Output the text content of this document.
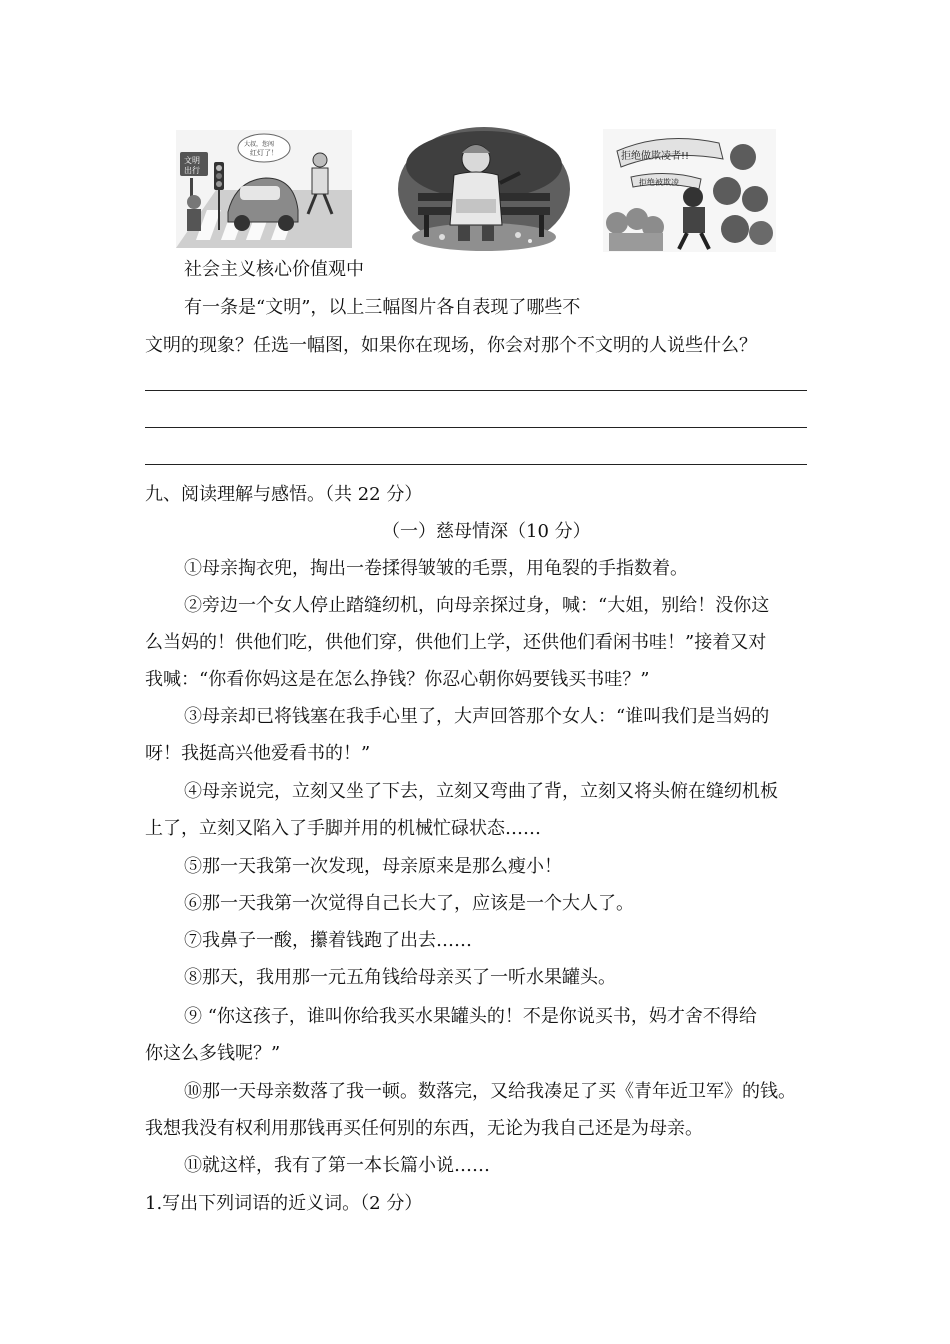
文明
出行
大叔，您闯
红灯了！	拒绝做欺凌者!!
拒绝被欺凌
社会主义核心价值观中
有一条是“文明”，以上三幅图片各自表现了哪些不
文明的现象？任选一幅图，如果你在现场，你会对那个不文明的人说些什么？
九、阅读理解与感悟。（共 22 分）
（一）慈母情深（10 分）
①母亲掏衣兜，掏出一卷揉得皱皱的毛票，用龟裂的手指数着。
②旁边一个女人停止踏缝纫机，向母亲探过身，喊：“大姐，别给！没你这
么当妈的！供他们吃，供他们穿，供他们上学，还供他们看闲书哇！”接着又对
我喊：“你看你妈这是在怎么挣钱？你忍心朝你妈要钱买书哇？”
③母亲却已将钱塞在我手心里了，大声回答那个女人：“谁叫我们是当妈的
呀！我挺高兴他爱看书的！”
④母亲说完，立刻又坐了下去，立刻又弯曲了背，立刻又将头俯在缝纫机板
上了，立刻又陷入了手脚并用的机械忙碌状态……
⑤那一天我第一次发现，母亲原来是那么瘦小！
⑥那一天我第一次觉得自己长大了，应该是一个大人了。
⑦我鼻子一酸，攥着钱跑了出去……
⑧那天，我用那一元五角钱给母亲买了一听水果罐头。
⑨ “你这孩子，谁叫你给我买水果罐头的！不是你说买书，妈才舍不得给
你这么多钱呢？”
⑩那一天母亲数落了我一顿。数落完，又给我凑足了买《青年近卫军》的钱。
我想我没有权利用那钱再买任何别的东西，无论为我自己还是为母亲。
⑪就这样，我有了第一本长篇小说……
1.写出下列词语的近义词。（2 分）
